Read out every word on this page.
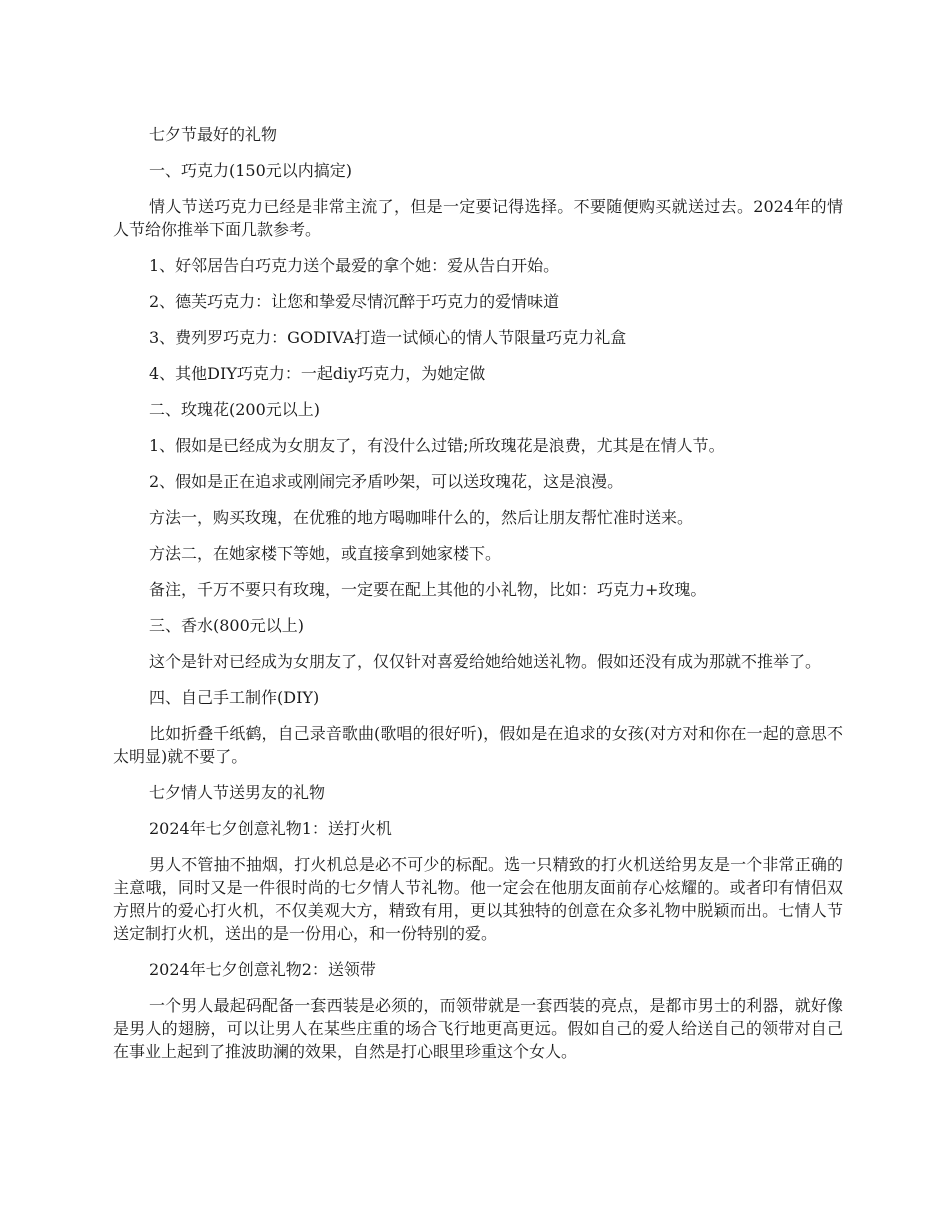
七夕节最好的礼物

一、巧克力(150元以内搞定)

情人节送巧克力已经是非常主流了，但是一定要记得选择。不要随便购买就送过去。2024年的情人节给你推举下面几款参考。

1、好邻居告白巧克力送个最爱的拿个她：爱从告白开始。

2、德芙巧克力：让您和挚爱尽情沉醉于巧克力的爱情味道

3、费列罗巧克力：GODIVA打造一试倾心的情人节限量巧克力礼盒

4、其他DIY巧克力：一起diy巧克力，为她定做

二、玫瑰花(200元以上)

1、假如是已经成为女朋友了，有没什么过错;所玫瑰花是浪费，尤其是在情人节。

2、假如是正在追求或刚闹完矛盾吵架，可以送玫瑰花，这是浪漫。

方法一，购买玫瑰，在优雅的地方喝咖啡什么的，然后让朋友帮忙准时送来。

方法二，在她家楼下等她，或直接拿到她家楼下。

备注，千万不要只有玫瑰，一定要在配上其他的小礼物，比如：巧克力+玫瑰。

三、香水(800元以上)

这个是针对已经成为女朋友了，仅仅针对喜爱给她给她送礼物。假如还没有成为那就不推举了。

四、自己手工制作(DIY)

比如折叠千纸鹤，自己录音歌曲(歌唱的很好听)，假如是在追求的女孩(对方对和你在一起的意思不太明显)就不要了。

七夕情人节送男友的礼物

2024年七夕创意礼物1：送打火机

男人不管抽不抽烟，打火机总是必不可少的标配。选一只精致的打火机送给男友是一个非常正确的主意哦，同时又是一件很时尚的七夕情人节礼物。他一定会在他朋友面前存心炫耀的。或者印有情侣双方照片的爱心打火机，不仅美观大方，精致有用，更以其独特的创意在众多礼物中脱颖而出。七情人节送定制打火机，送出的是一份用心，和一份特别的爱。

2024年七夕创意礼物2：送领带

一个男人最起码配备一套西装是必须的，而领带就是一套西装的亮点，是都市男士的利器，就好像是男人的翅膀，可以让男人在某些庄重的场合飞行地更高更远。假如自己的爱人给送自己的领带对自己在事业上起到了推波助澜的效果，自然是打心眼里珍重这个女人。
